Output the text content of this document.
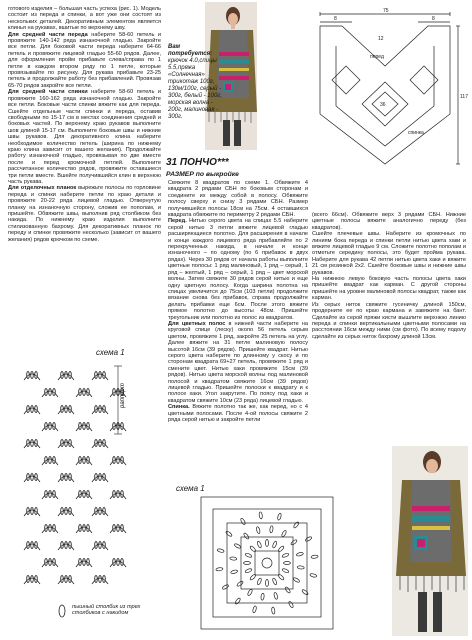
готового изделия – большая часть успеха (рис. 1). Модель состоит из переда и спинки, а вот уже они состоят из нескольких деталей. Декоративным элементом является клинья на рукавах, вшитые по верхнему шву.

Для средней части переда наберите 58-60 петель и провяжите 140-142 ряда изнаночной гладью. Закройте все петли. Для боковой части переда наберите 64-66 петель и провяжите лицевой гладью 55-60 рядов. Далее, для оформления пройм прибавьте слева/справа по 1 петле в каждом втором ряду по 1 петле, которые провязывайте по рисунку. Для рукава прибавьте 23-25 петель и продолжайте работу без прибавлений. Провязав 65-70 рядов закройте все петли.

Для средней части спинки наберите 58-60 петель и провяжите 160-162 ряда изнаночной гладью. Закройте все петли. Боковые части спинки вяжите как для переда. Сшейте отдельные части спинки и переда, оставив свободными по 15-17 см в местах соединения средней и боковых частей. По верхнему краю рукавов выполните шов длиной 15-17 см. Выполните боковые швы и нижние швы рукавов. Для декоративного клина наберите необходимое количество петель (ширина по нижнему краю клина зависит от вашего желания). Продолжайте работу изнаночной гладью, провязывая по две вместе после и перед кромочной петлей. Выполните рассчитанное количество рядов, провяжите оставшиеся три петли вместе. Вшейте получившийся клин в верхнюю часть рукава.

Для отделочных планок вырежьте полосы по горловине переда и спинки наберите петли по краю детали и провяжите 20-22 ряда лицевой гладью. Отвернутую планку на изнаночную сторону, сложив ее пополам, и пришейте. Обвяжите швы, выполнив ряд столбиком без накида. По нижнему краю изделия выполните стилизованную бахрому. Для декоративных планок по переду и спинке провяжите несколько (зависит от вашего желания) рядов крючком по схеме.

Вам потребуется: крючок 4.0,спицы 5.5,пряжа «Солнечная» трикотаж 100г, 130м/100г, серый - 300г, белый - 100г, морская волна - 200г, малиновая - 300г.
31 ПОНЧО***
РАЗМЕР по выкройке
75
8	8
12
перед
спинка
117
36

Свяжите 8 квадратов по схеме 1. Обвяжите 4 квадрата 2 рядами СБН по боковым сторонам и соедините их между собой в полосу. Обвяжите полосу сверху и снизу 3 рядами СБН. Размер получившейся полосы 18см на 75см. 4 оставшихся квадрата обвяжите по периметру 2 рядами СБН.

Перед. Нитью серого цвета на спицах 5.5 наберите серой нитью 3 петли вяжите лицевой гладью расширяющиеся полотно. Для расширения в начале и конце каждого лицевого ряда прибавляйте по 2 перекрученных накида, в начале и конце изнаночного – по одному (по 6 прибавок в двух рядах). Через 30 рядов от начала работы выполните цветные полосы: 1 ряд малиновый, 1 ряд – серый, 1 ряд – желтый, 1 ряд – серый, 1 ряд – цвет морской волны. Затем свяжите 30 рядов серой нитью и еще одну цветную полосу. Когда ширина полотна на спицах увеличится до 75см (103 петли) продолжите вязание снова без прибавок, справа продолжайте делать прибавки еще 6см. После этого вяжите прямое полотно до высоты 48см. Пришейте треугольник или полотно из полос из квадратов.

Для цветных полос в нижней части наберите на круговой спице (леску) около 56 петель серым цветом, провяжите 1 ряд, закройте 25 петель на углу. Далее вяжите на 31 петле малиновую полосу высотой 16см (39 рядов). Пришейте квадрат. Нитью серого цвета наберите по длинному у скосу и по сторонам квадрата 69+27 петель, провяжите 1 ряд и смените цвет. Нитью хаки провяжите 15см (39 рядов). Нитью цвета морской волны под малиновой полосой и квадратом свяжите 16см (39 рядов) лицевой гладью. Пришейте полоски к квадрату и к полосе хаки. Угол закрутите. По поясу под хаки и квадратом свяжите 10см (23 ряда) лицевой гладью.

Спинка. Вяжите полотно так же, как перед, но с 4 цветными полосами. После 4-ой полосы свяжите 2 ряда серой нитью и закройте петли

(всего 66см). Обвяжите верх 3 рядами СБН. Нижние цветные полосы вяжите аналогично переду (без квадратов).

Сшейте плечевые швы. Наберите из кромочных по линиям бока переда и спинки петли нитью цвета хаки и вяжите лицевой гладью 9 см. Сложите полотно пополам и отметьте середину полосы, это будет пройма рукава. Наберите для рукава 42 петли нитью цвета хаки и вяжите 21 см резинкой 2х2. Сшейте боковые швы и нижние швы рукавов.

На нижнюю левую боковую часть полосы цвета хаки пришейте квадрат как карман. С другой стороны пришейте на уровне малиновой полосы квадрат, также как карман.

Из серых ниток свяжите гусеничку длиной 150см, продерните ее по краю кармана и завяжите на бант. Сделайте из серой пряжи кисти вышлите верхнюю линию переда и спинки вертикальными цветными полосами на расстоянии 16см между ними (см фото). По всему подолу сделайте из серых ниток бахрому длиной 13см.

схема 1
раппорт
пышный столбик из трех столбиков с накидом
схема 1
